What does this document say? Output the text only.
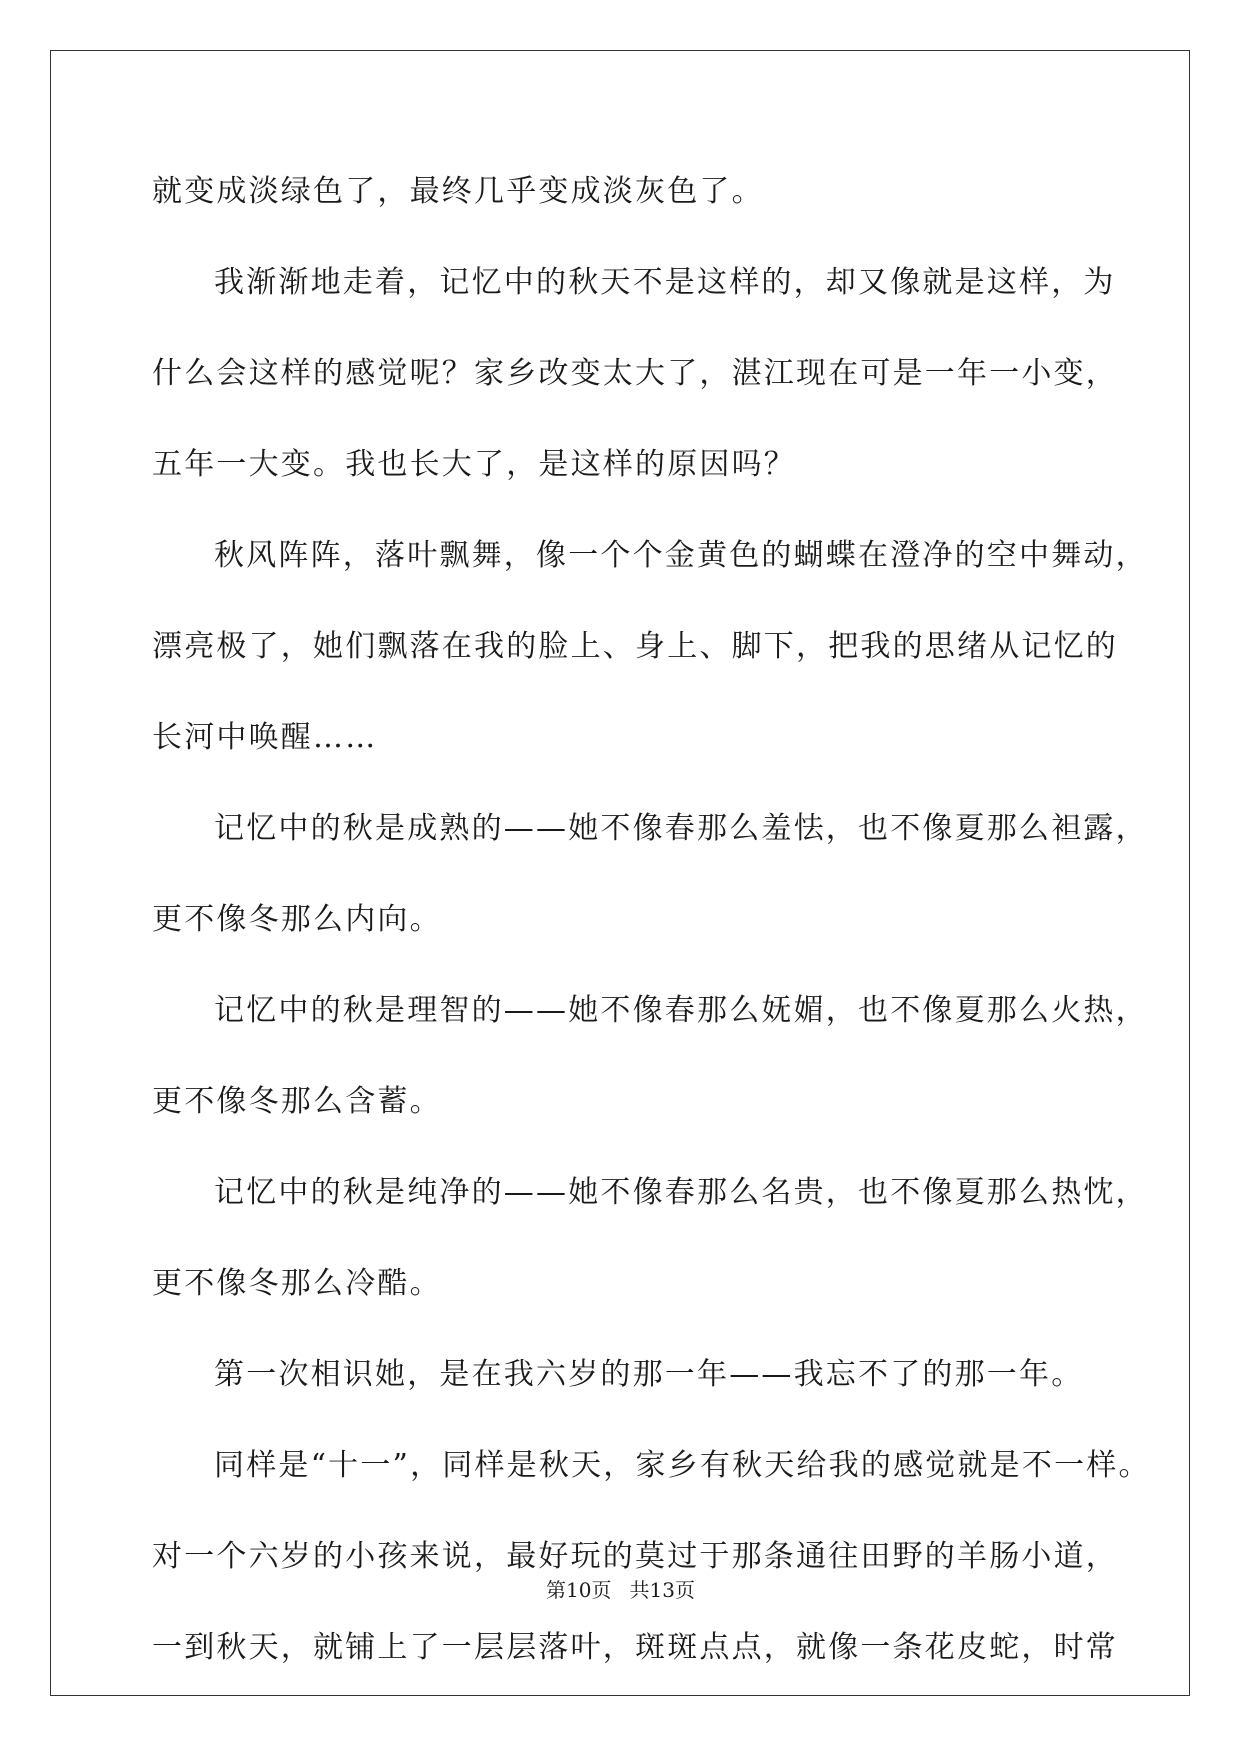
就变成淡绿色了，最终几乎变成淡灰色了。

我渐渐地走着，记忆中的秋天不是这样的，却又像就是这样，为
什么会这样的感觉呢？家乡改变太大了，湛江现在可是一年一小变，
五年一大变。我也长大了，是这样的原因吗？

秋风阵阵，落叶飘舞，像一个个金黄色的蝴蝶在澄净的空中舞动，
漂亮极了，她们飘落在我的脸上、身上、脚下，把我的思绪从记忆的
长河中唤醒……

记忆中的秋是成熟的——她不像春那么羞怯，也不像夏那么袒露，
更不像冬那么内向。

记忆中的秋是理智的——她不像春那么妩媚，也不像夏那么火热，
更不像冬那么含蓄。

记忆中的秋是纯净的——她不像春那么名贵，也不像夏那么热忱，
更不像冬那么冷酷。

第一次相识她，是在我六岁的那一年——我忘不了的那一年。

同样是“十一”，同样是秋天，家乡有秋天给我的感觉就是不一样。
对一个六岁的小孩来说，最好玩的莫过于那条通往田野的羊肠小道，
一到秋天，就铺上了一层层落叶，斑斑点点，就像一条花皮蛇，时常

第10页 共13页
